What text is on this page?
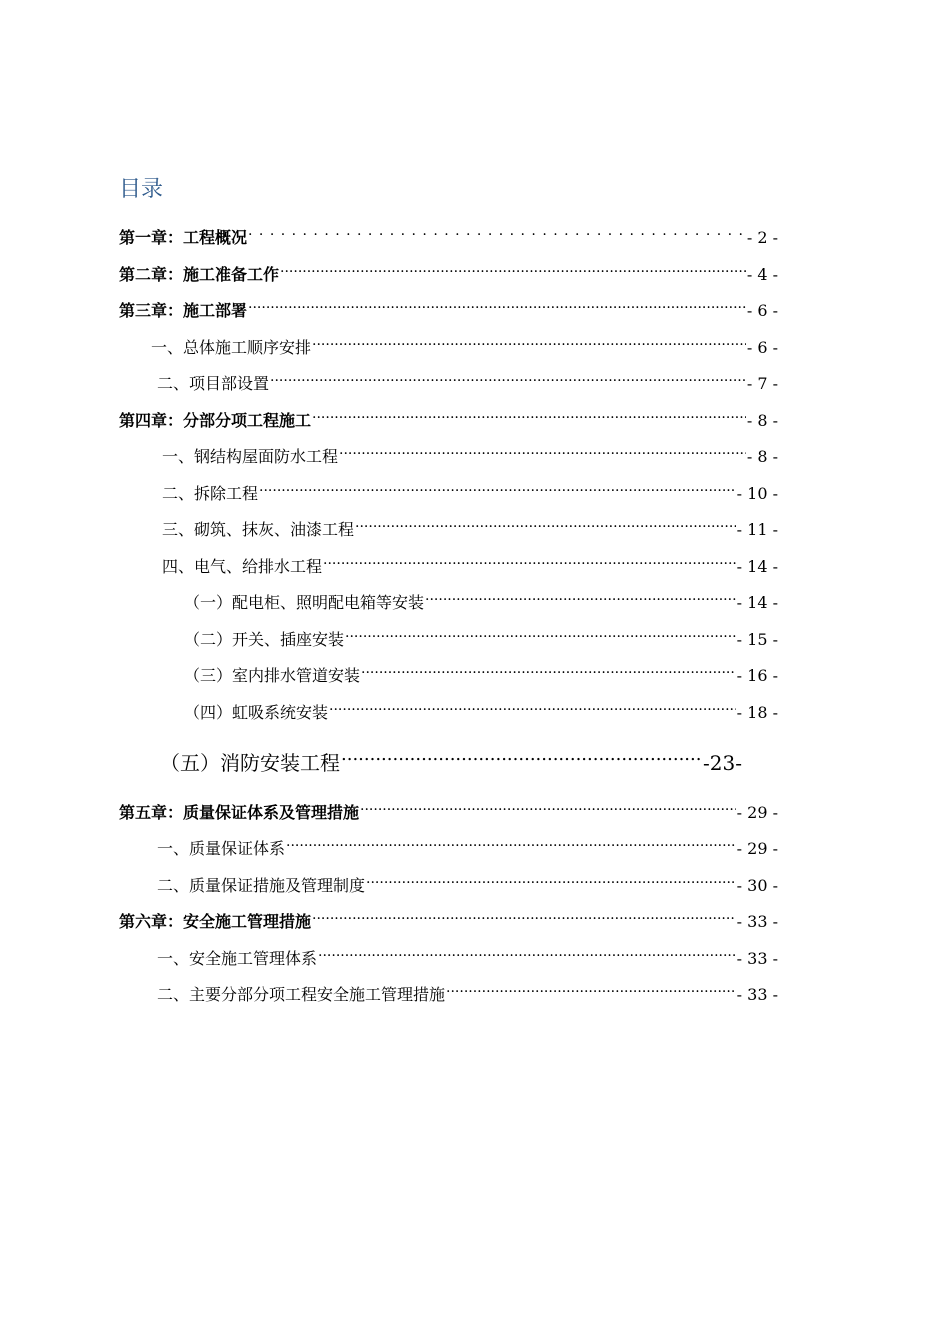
目录
第一章：工程概况 . . .	- 2 -
第二章：施工准备工作 .....	- 4 -
第三章：施工部署 .....	- 6 -
一、总体施工顺序安排 .....	- 6 -
二、项目部设置 .....	- 7 -
第四章：分部分项工程施工 .....	- 8 -
一、钢结构屋面防水工程 .....	- 8 -
二、拆除工程 .....	- 10 -
三、砌筑、抹灰、油漆工程 .....	- 11 -
四、电气、给排水工程 .....	- 14 -
（一）配电柜、照明配电箱等安装 .....	- 14 -
（二）开关、插座安装 .....	- 15 -
（三）室内排水管道安装 .....	- 16 -
（四）虹吸系统安装 .....	- 18 -
（五）消防安装工程 .....	-23-
第五章：质量保证体系及管理措施 .....	- 29 -
一、质量保证体系 .....	- 29 -
二、质量保证措施及管理制度 .....	- 30 -
第六章：安全施工管理措施 .....	- 33 -
一、安全施工管理体系 .....	- 33 -
二、主要分部分项工程安全施工管理措施 .....	- 33 -
